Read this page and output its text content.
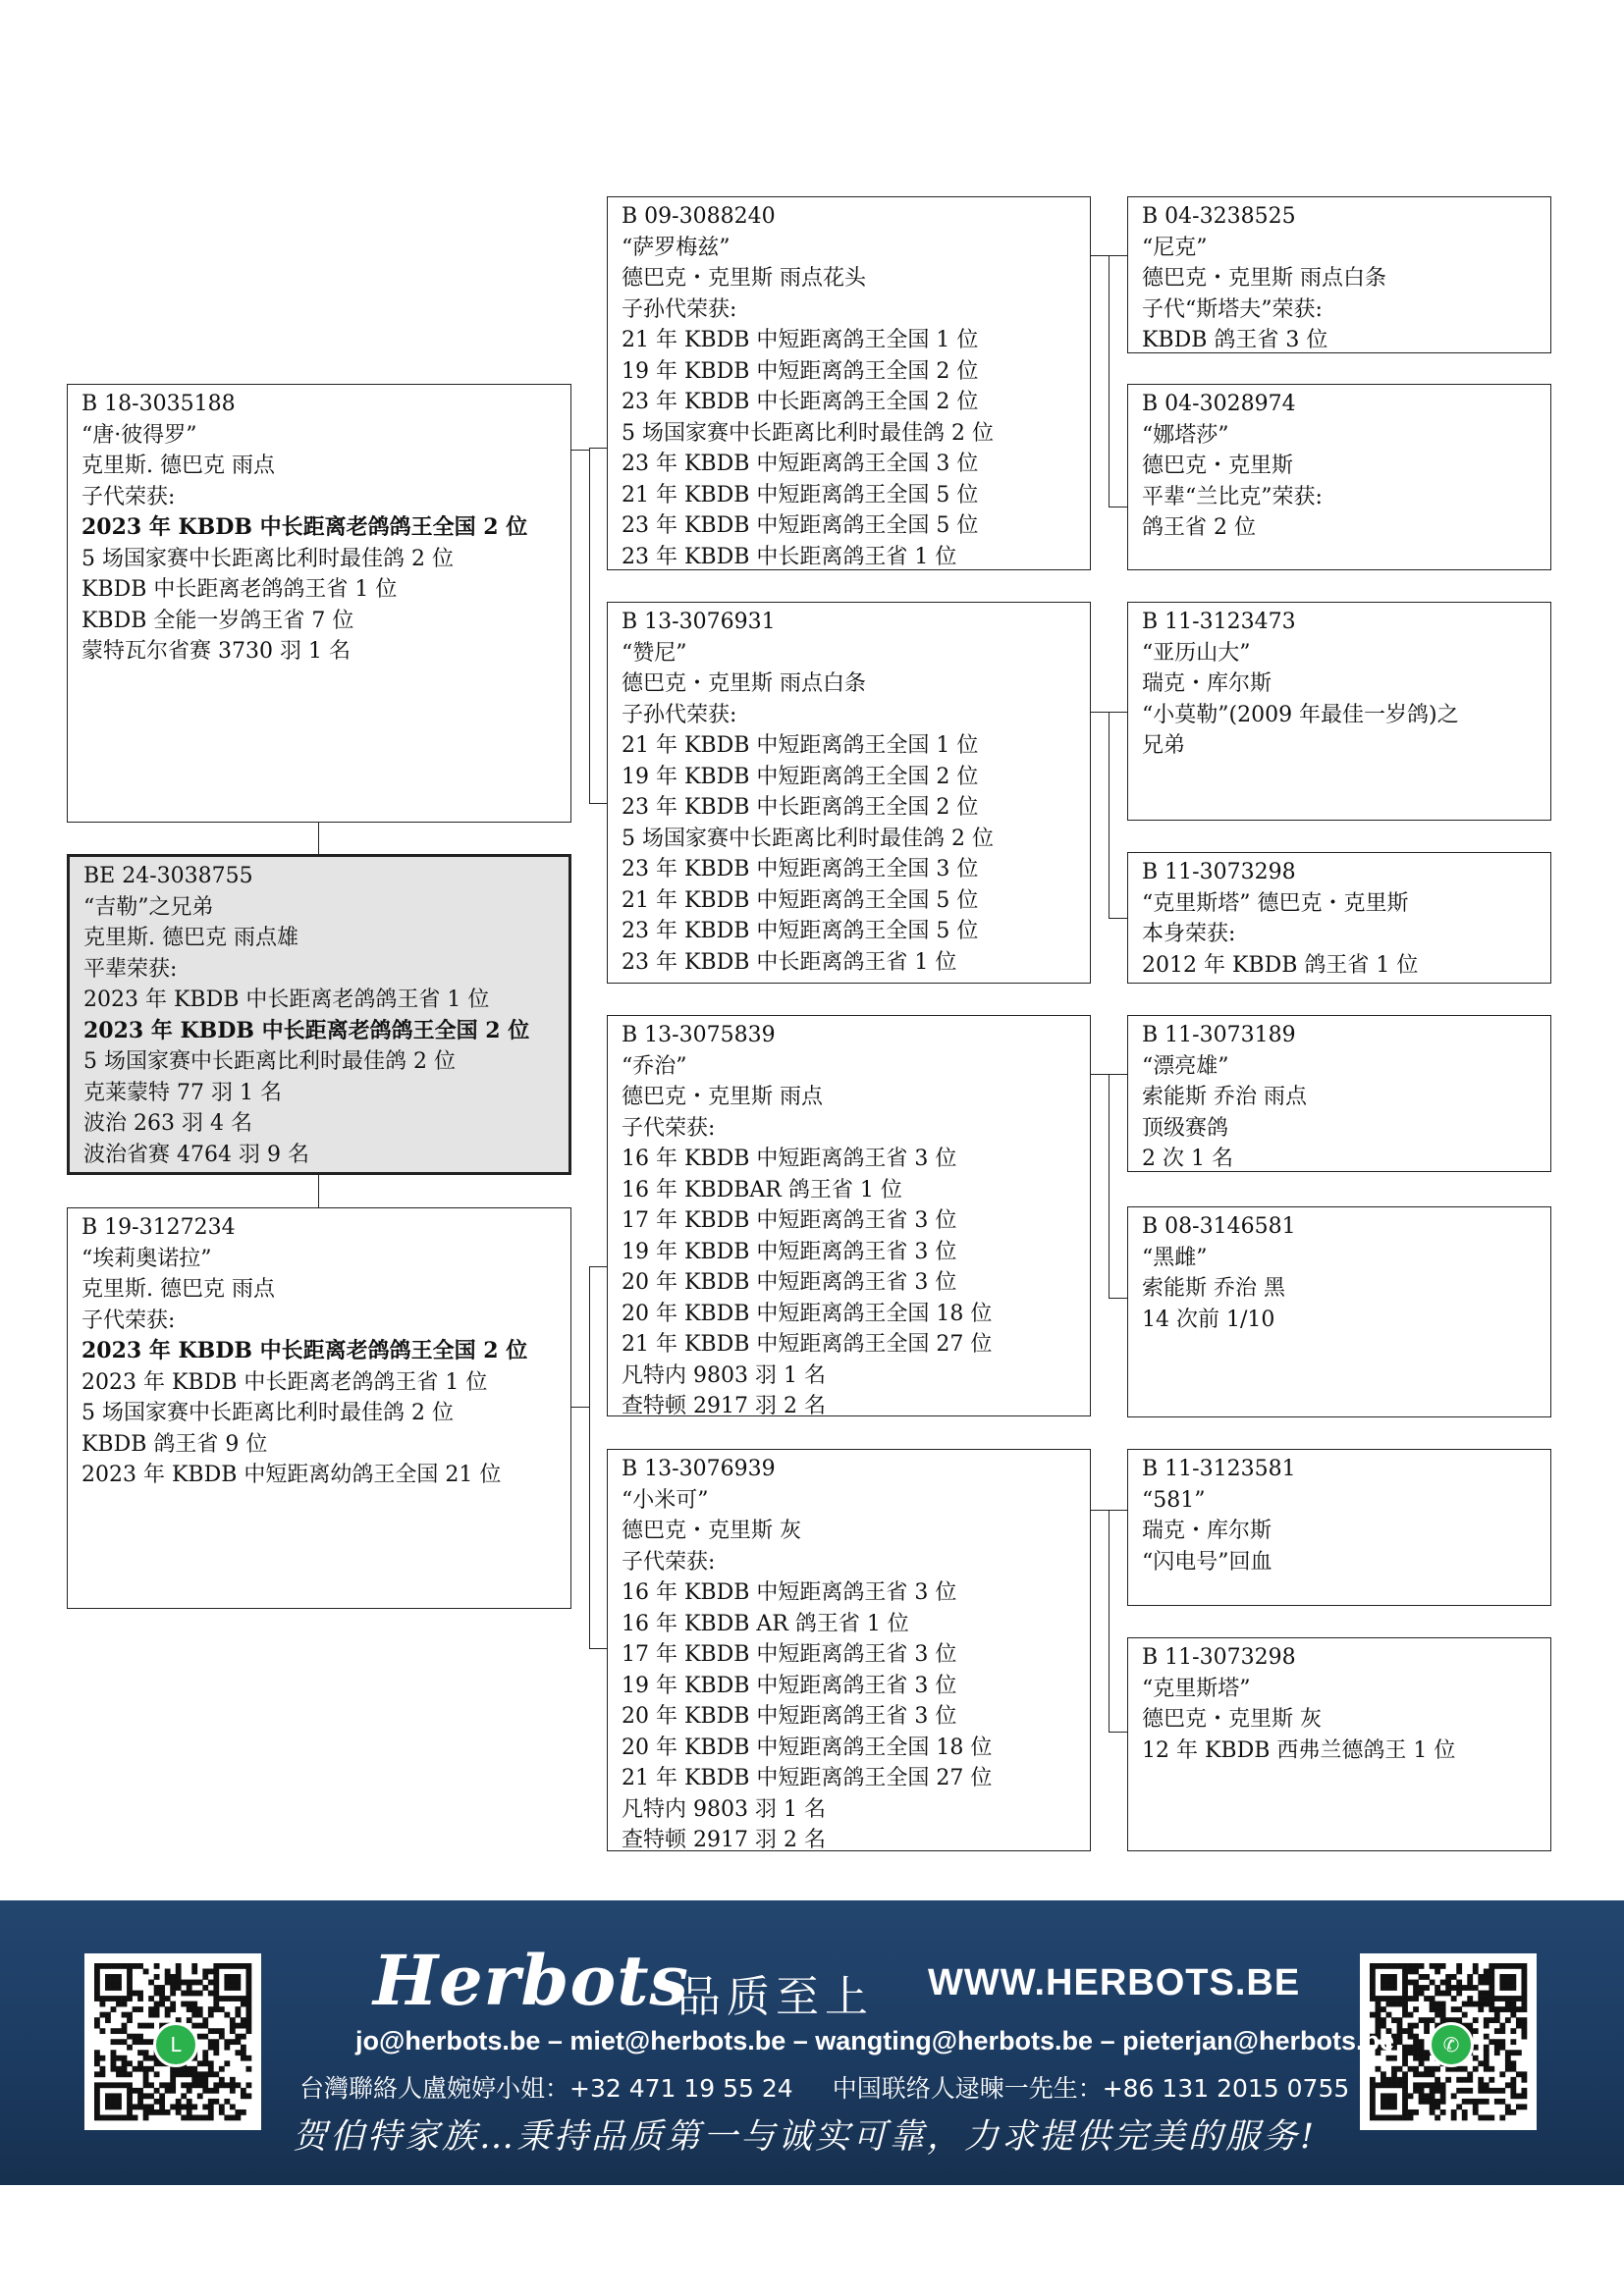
B 18-3035188
“唐·彼得罗”
克里斯. 德巴克 雨点
子代荣获:
2023 年 KBDB 中长距离老鸽鸽王全国 2 位
5 场国家赛中长距离比利时最佳鸽 2 位
KBDB 中长距离老鸽鸽王省 1 位
KBDB 全能一岁鸽王省 7 位
蒙特瓦尔省赛 3730 羽 1 名
BE 24-3038755
“吉勒”之兄弟
克里斯. 德巴克 雨点雄
平辈荣获:
2023 年 KBDB 中长距离老鸽鸽王省 1 位
2023 年 KBDB 中长距离老鸽鸽王全国 2 位
5 场国家赛中长距离比利时最佳鸽 2 位
克莱蒙特 77 羽 1 名
波治 263 羽 4 名
波治省赛 4764 羽 9 名
B 19-3127234
“埃莉奥诺拉”
克里斯. 德巴克 雨点
子代荣获:
2023 年 KBDB 中长距离老鸽鸽王全国 2 位
2023 年 KBDB 中长距离老鸽鸽王省 1 位
5 场国家赛中长距离比利时最佳鸽 2 位
KBDB 鸽王省 9 位
2023 年 KBDB 中短距离幼鸽王全国 21 位
B 09-3088240
“萨罗梅兹”
德巴克・克里斯 雨点花头
子孙代荣获:
21 年 KBDB 中短距离鸽王全国 1 位
19 年 KBDB 中短距离鸽王全国 2 位
23 年 KBDB 中长距离鸽王全国 2 位
5 场国家赛中长距离比利时最佳鸽 2 位
23 年 KBDB 中短距离鸽王全国 3 位
21 年 KBDB 中短距离鸽王全国 5 位
23 年 KBDB 中短距离鸽王全国 5 位
23 年 KBDB 中长距离鸽王省 1 位
B 13-3076931
“赞尼”
德巴克・克里斯 雨点白条
子孙代荣获:
21 年 KBDB 中短距离鸽王全国 1 位
19 年 KBDB 中短距离鸽王全国 2 位
23 年 KBDB 中长距离鸽王全国 2 位
5 场国家赛中长距离比利时最佳鸽 2 位
23 年 KBDB 中短距离鸽王全国 3 位
21 年 KBDB 中短距离鸽王全国 5 位
23 年 KBDB 中短距离鸽王全国 5 位
23 年 KBDB 中长距离鸽王省 1 位
B 13-3075839
“乔治”
德巴克・克里斯 雨点
子代荣获:
16 年 KBDB 中短距离鸽王省 3 位
16 年 KBDBAR 鸽王省 1 位
17 年 KBDB 中短距离鸽王省 3 位
19 年 KBDB 中短距离鸽王省 3 位
20 年 KBDB 中短距离鸽王省 3 位
20 年 KBDB 中短距离鸽王全国 18 位
21 年 KBDB 中短距离鸽王全国 27 位
凡特内 9803 羽 1 名
查特顿 2917 羽 2 名
B 13-3076939
“小米可”
德巴克・克里斯 灰
子代荣获:
16 年 KBDB 中短距离鸽王省 3 位
16 年 KBDB AR 鸽王省 1 位
17 年 KBDB 中短距离鸽王省 3 位
19 年 KBDB 中短距离鸽王省 3 位
20 年 KBDB 中短距离鸽王省 3 位
20 年 KBDB 中短距离鸽王全国 18 位
21 年 KBDB 中短距离鸽王全国 27 位
凡特内 9803 羽 1 名
查特顿 2917 羽 2 名
B 04-3238525
“尼克”
德巴克・克里斯 雨点白条
子代“斯塔夫”荣获:
KBDB 鸽王省 3 位
B 04-3028974
“娜塔莎”
德巴克・克里斯
平辈“兰比克”荣获:
鸽王省 2 位
B 11-3123473
“亚历山大”
瑞克・库尔斯
“小莫勒”(2009 年最佳一岁鸽)之
兄弟
B 11-3073298
“克里斯塔” 德巴克・克里斯
本身荣获:
2012 年 KBDB 鸽王省 1 位
B 11-3073189
“漂亮雄”
索能斯 乔治 雨点
顶级赛鸽
2 次 1 名
B 08-3146581
“黑雌”
索能斯 乔治 黑
14 次前 1/10
B 11-3123581
“581”
瑞克・库尔斯
“闪电号”回血
B 11-3073298
“克里斯塔”
德巴克・克里斯 灰
12 年 KBDB 西弗兰德鸽王 1 位
L	✆
Herbots
品质至上 WWW.HERBOTS.BE
jo@herbots.be – miet@herbots.be – wangting@herbots.be – pieterjan@herbots.be
台灣聯絡人盧婉婷小姐：+32 471 19 55 24 中国联络人逯暕一先生：+86 131 2015 0755
贺伯特家族…秉持品质第一与诚实可靠，力求提供完美的服务!
